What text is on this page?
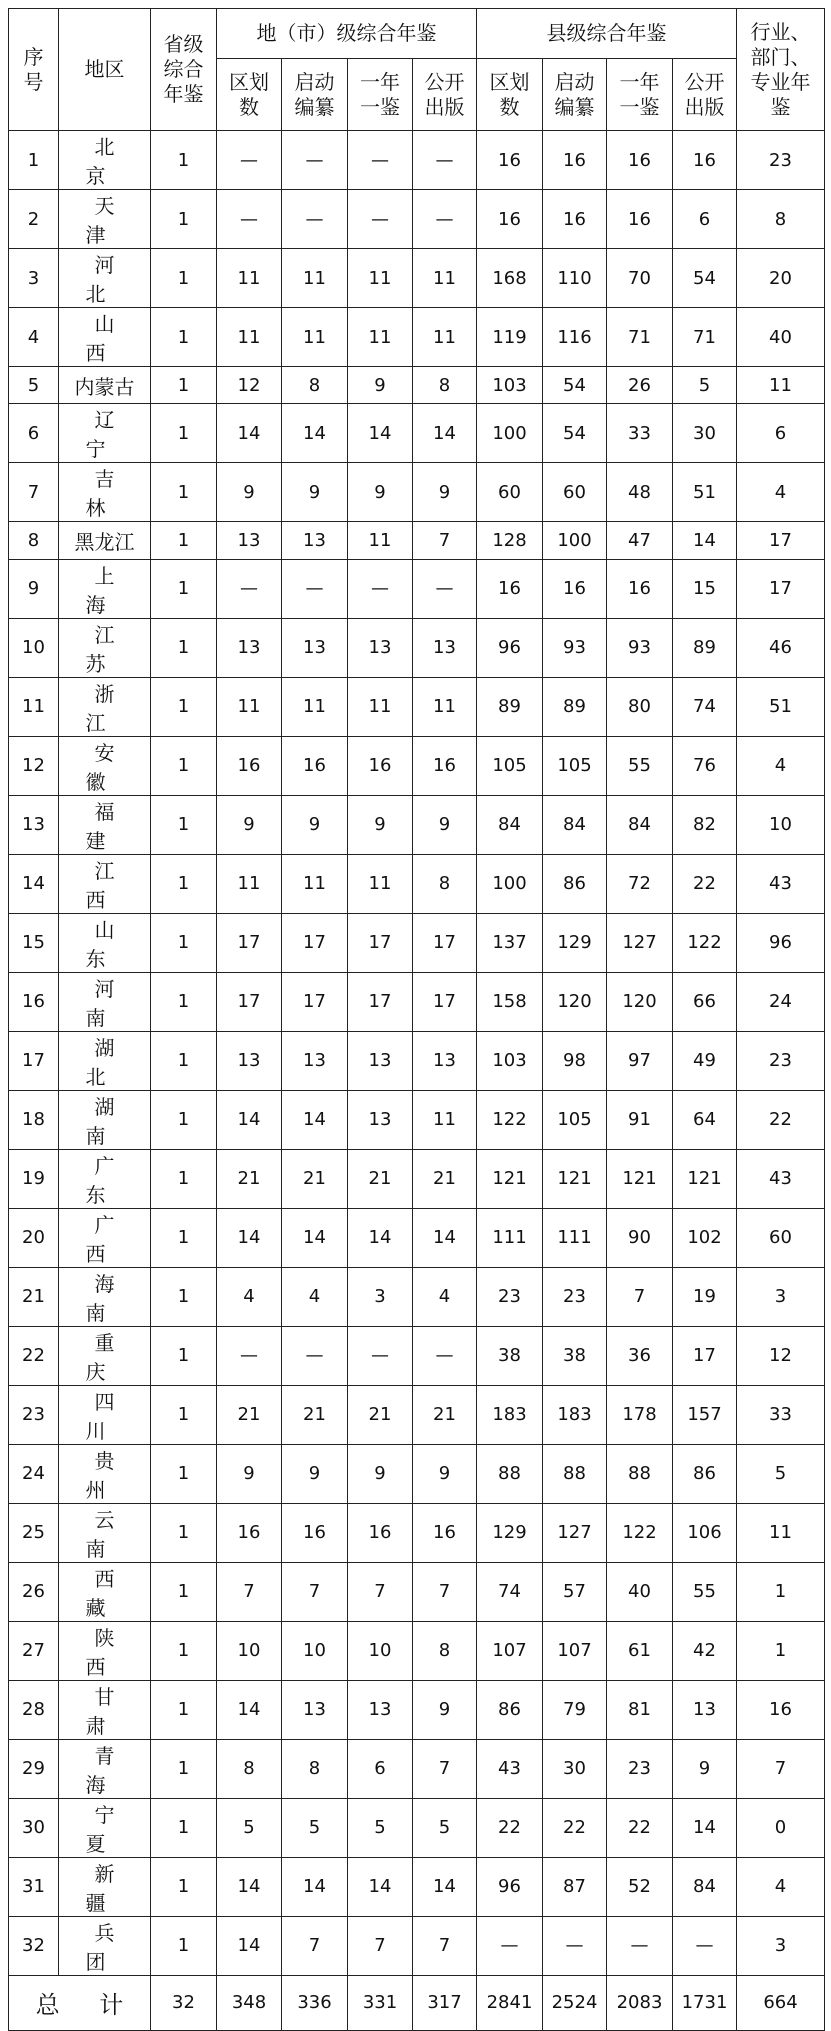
序号	地区	省级综合年鉴	地（市）级综合年鉴				县级综合年鉴				行业、部门、专业年鉴
			区划数	启动编纂	一年一鉴	公开出版	区划数	启动编纂	一年一鉴	公开出版	
1	北 京	1	—	—	—	—	16	16	16	16	23
2	天 津	1	—	—	—	—	16	16	16	6	8
3	河 北	1	11	11	11	11	168	110	70	54	20
4	山 西	1	11	11	11	11	119	116	71	71	40
5	内蒙古	1	12	8	9	8	103	54	26	5	11
6	辽 宁	1	14	14	14	14	100	54	33	30	6
7	吉 林	1	9	9	9	9	60	60	48	51	4
8	黑龙江	1	13	13	11	7	128	100	47	14	17
9	上 海	1	—	—	—	—	16	16	16	15	17
10	江 苏	1	13	13	13	13	96	93	93	89	46
11	浙 江	1	11	11	11	11	89	89	80	74	51
12	安 徽	1	16	16	16	16	105	105	55	76	4
13	福 建	1	9	9	9	9	84	84	84	82	10
14	江 西	1	11	11	11	8	100	86	72	22	43
15	山 东	1	17	17	17	17	137	129	127	122	96
16	河 南	1	17	17	17	17	158	120	120	66	24
17	湖 北	1	13	13	13	13	103	98	97	49	23
18	湖 南	1	14	14	13	11	122	105	91	64	22
19	广 东	1	21	21	21	21	121	121	121	121	43
20	广 西	1	14	14	14	14	111	111	90	102	60
21	海 南	1	4	4	3	4	23	23	7	19	3
22	重 庆	1	—	—	—	—	38	38	36	17	12
23	四 川	1	21	21	21	21	183	183	178	157	33
24	贵 州	1	9	9	9	9	88	88	88	86	5
25	云 南	1	16	16	16	16	129	127	122	106	11
26	西 藏	1	7	7	7	7	74	57	40	55	1
27	陕 西	1	10	10	10	8	107	107	61	42	1
28	甘 肃	1	14	13	13	9	86	79	81	13	16
29	青 海	1	8	8	6	7	43	30	23	9	7
30	宁 夏	1	5	5	5	5	22	22	22	14	0
31	新 疆	1	14	14	14	14	96	87	52	84	4
32	兵 团	1	14	7	7	7	—	—	—	—	3
总 计		32	348	336	331	317	2841	2524	2083	1731	664
